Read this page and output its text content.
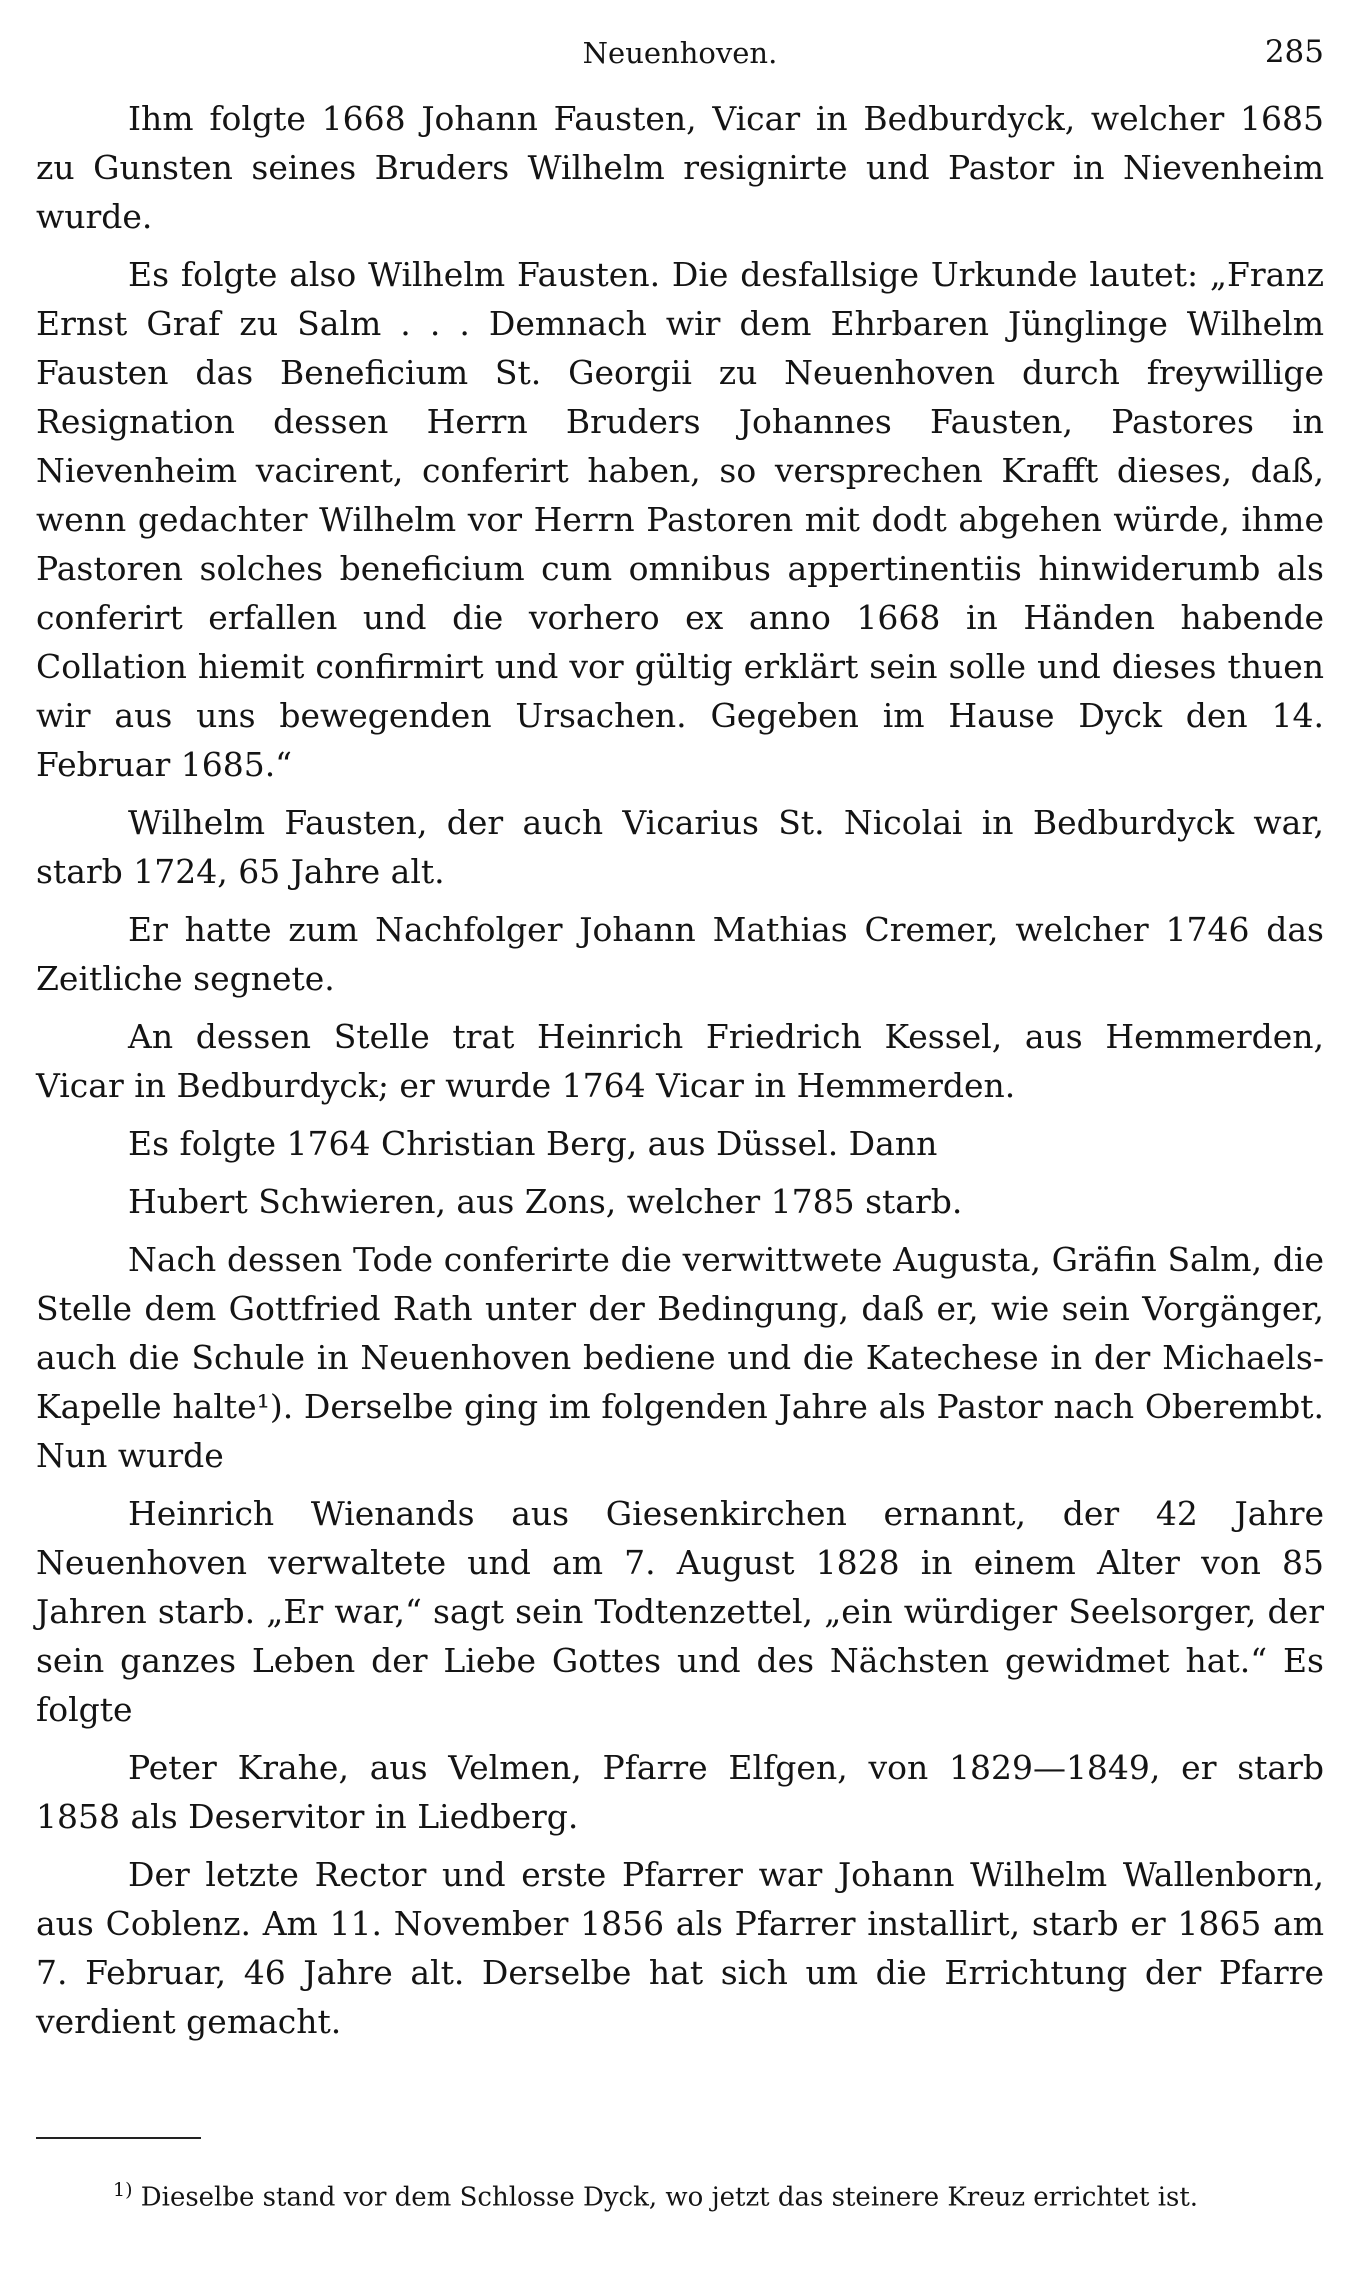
Neuenhoven.	285

Ihm folgte 1668 Johann Fausten, Vicar in Bedburdyck, welcher 1685 zu Gunsten seines Bruders Wilhelm resignirte und Pastor in Nievenheim wurde.

Es folgte also Wilhelm Fausten. Die desfallsige Urkunde lautet: „Franz Ernst Graf zu Salm . . . Demnach wir dem Ehrbaren Jünglinge Wilhelm Fausten das Beneficium St. Georgii zu Neuenhoven durch freywillige Resignation dessen Herrn Bruders Johannes Fausten, Pastores in Nievenheim vacirent, conferirt haben, so versprechen Krafft dieses, daß, wenn gedachter Wilhelm vor Herrn Pastoren mit dodt abgehen würde, ihme Pastoren solches beneficium cum omnibus appertinentiis hinwiderumb als conferirt erfallen und die vorhero ex anno 1668 in Händen habende Collation hiemit confirmirt und vor gültig erklärt sein solle und dieses thuen wir aus uns bewegenden Ursachen. Gegeben im Hause Dyck den 14. Februar 1685.“

Wilhelm Fausten, der auch Vicarius St. Nicolai in Bedburdyck war, starb 1724, 65 Jahre alt.

Er hatte zum Nachfolger Johann Mathias Cremer, welcher 1746 das Zeitliche segnete.

An dessen Stelle trat Heinrich Friedrich Kessel, aus Hemmerden, Vicar in Bedburdyck; er wurde 1764 Vicar in Hemmerden.

Es folgte 1764 Christian Berg, aus Düssel. Dann

Hubert Schwieren, aus Zons, welcher 1785 starb.

Nach dessen Tode conferirte die verwittwete Augusta, Gräfin Salm, die Stelle dem Gottfried Rath unter der Bedingung, daß er, wie sein Vorgänger, auch die Schule in Neuenhoven bediene und die Katechese in der Michaels-Kapelle halte¹). Derselbe ging im folgenden Jahre als Pastor nach Oberembt. Nun wurde

Heinrich Wienands aus Giesenkirchen ernannt, der 42 Jahre Neuenhoven verwaltete und am 7. August 1828 in einem Alter von 85 Jahren starb. „Er war,“ sagt sein Todtenzettel, „ein würdiger Seelsorger, der sein ganzes Leben der Liebe Gottes und des Nächsten gewidmet hat.“ Es folgte

Peter Krahe, aus Velmen, Pfarre Elfgen, von 1829—1849, er starb 1858 als Deservitor in Liedberg.

Der letzte Rector und erste Pfarrer war Johann Wilhelm Wallenborn, aus Coblenz. Am 11. November 1856 als Pfarrer installirt, starb er 1865 am 7. Februar, 46 Jahre alt. Derselbe hat sich um die Errichtung der Pfarre verdient gemacht.

$^{1)}$ Dieselbe stand vor dem Schlosse Dyck, wo jetzt das steinere Kreuz errichtet ist.
